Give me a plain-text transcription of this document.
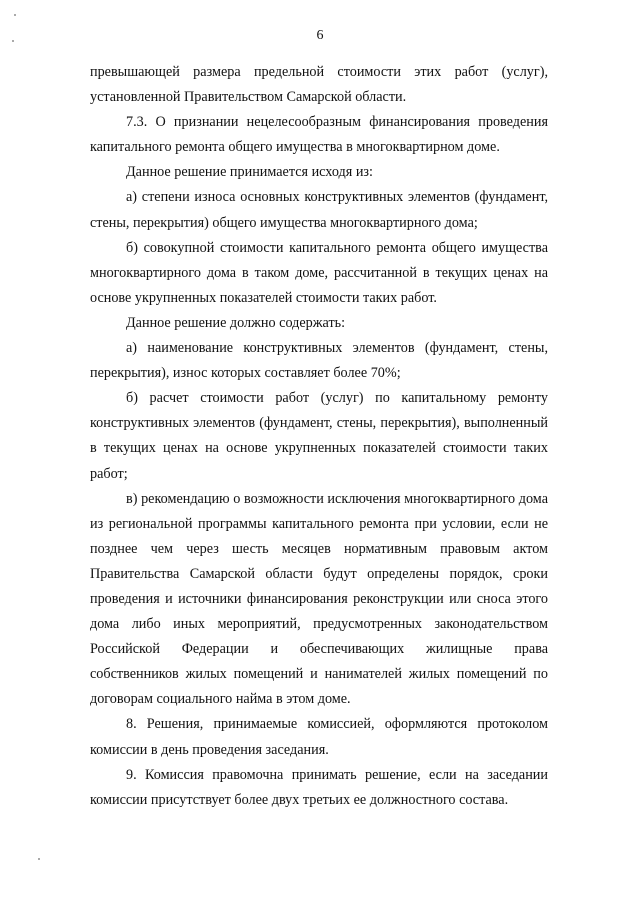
6

превышающей размера предельной стоимости этих работ (услуг), установленной Правительством Самарской области.

7.3. О признании нецелесообразным финансирования проведения капитального ремонта общего имущества в многоквартирном доме.

Данное решение принимается исходя из:

а) степени износа основных конструктивных элементов (фундамент, стены, перекрытия) общего имущества многоквартирного дома;

б) совокупной стоимости капитального ремонта общего имущества многоквартирного дома в таком доме, рассчитанной в текущих ценах на основе укрупненных показателей стоимости таких работ.

Данное решение должно содержать:

а) наименование конструктивных элементов (фундамент, стены, перекрытия), износ которых составляет более 70%;

б) расчет стоимости работ (услуг) по капитальному ремонту конструктивных элементов (фундамент, стены, перекрытия), выполненный в текущих ценах на основе укрупненных показателей стоимости таких работ;

в) рекомендацию о возможности исключения многоквартирного дома из региональной программы капитального ремонта при условии, если не позднее чем через шесть месяцев нормативным правовым актом Правительства Самарской области будут определены порядок, сроки проведения и источники финансирования реконструкции или сноса этого дома либо иных мероприятий, предусмотренных законодательством Российской Федерации и обеспечивающих жилищные права собственников жилых помещений и нанимателей жилых помещений по договорам социального найма в этом доме.

8. Решения, принимаемые комиссией, оформляются протоколом комиссии в день проведения заседания.

9. Комиссия правомочна принимать решение, если на заседании комиссии присутствует более двух третьих ее должностного состава.
